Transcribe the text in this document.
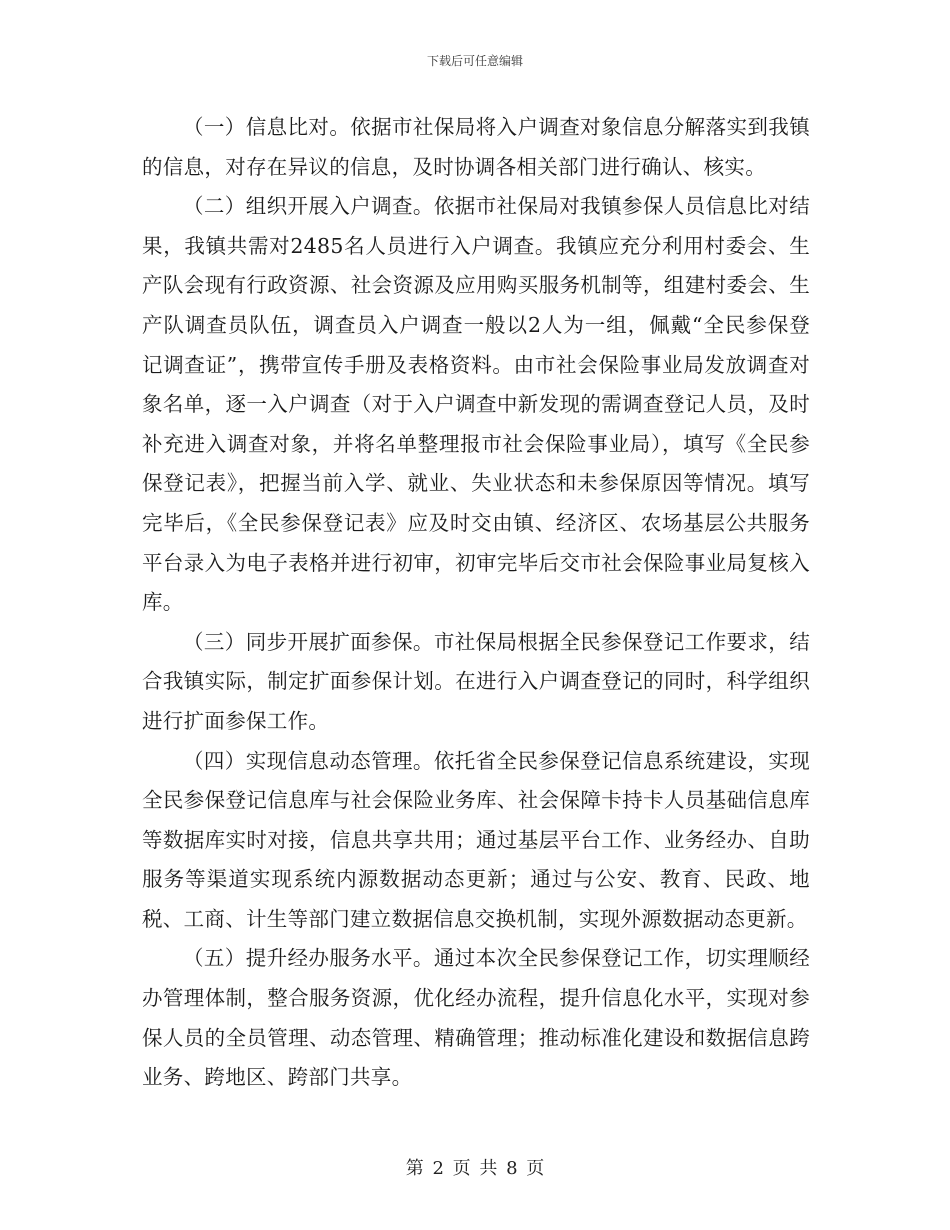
下载后可任意编辑

（一）信息比对。依据市社保局将入户调查对象信息分解落实到我镇的信息，对存在异议的信息，及时协调各相关部门进行确认、核实。

（二）组织开展入户调查。依据市社保局对我镇参保人员信息比对结果，我镇共需对2485名人员进行入户调查。我镇应充分利用村委会、生产队会现有行政资源、社会资源及应用购买服务机制等，组建村委会、生产队调查员队伍，调查员入户调查一般以2人为一组，佩戴“全民参保登记调查证”，携带宣传手册及表格资料。由市社会保险事业局发放调查对象名单，逐一入户调查（对于入户调查中新发现的需调查登记人员，及时补充进入调查对象，并将名单整理报市社会保险事业局），填写《全民参保登记表》，把握当前入学、就业、失业状态和未参保原因等情况。填写完毕后，《全民参保登记表》应及时交由镇、经济区、农场基层公共服务平台录入为电子表格并进行初审，初审完毕后交市社会保险事业局复核入库。

（三）同步开展扩面参保。市社保局根据全民参保登记工作要求，结合我镇实际，制定扩面参保计划。在进行入户调查登记的同时，科学组织进行扩面参保工作。

（四）实现信息动态管理。依托省全民参保登记信息系统建设，实现全民参保登记信息库与社会保险业务库、社会保障卡持卡人员基础信息库等数据库实时对接，信息共享共用；通过基层平台工作、业务经办、自助服务等渠道实现系统内源数据动态更新；通过与公安、教育、民政、地税、工商、计生等部门建立数据信息交换机制，实现外源数据动态更新。

（五）提升经办服务水平。通过本次全民参保登记工作，切实理顺经办管理体制，整合服务资源，优化经办流程，提升信息化水平，实现对参保人员的全员管理、动态管理、精确管理；推动标准化建设和数据信息跨业务、跨地区、跨部门共享。

第 2 页 共 8 页
